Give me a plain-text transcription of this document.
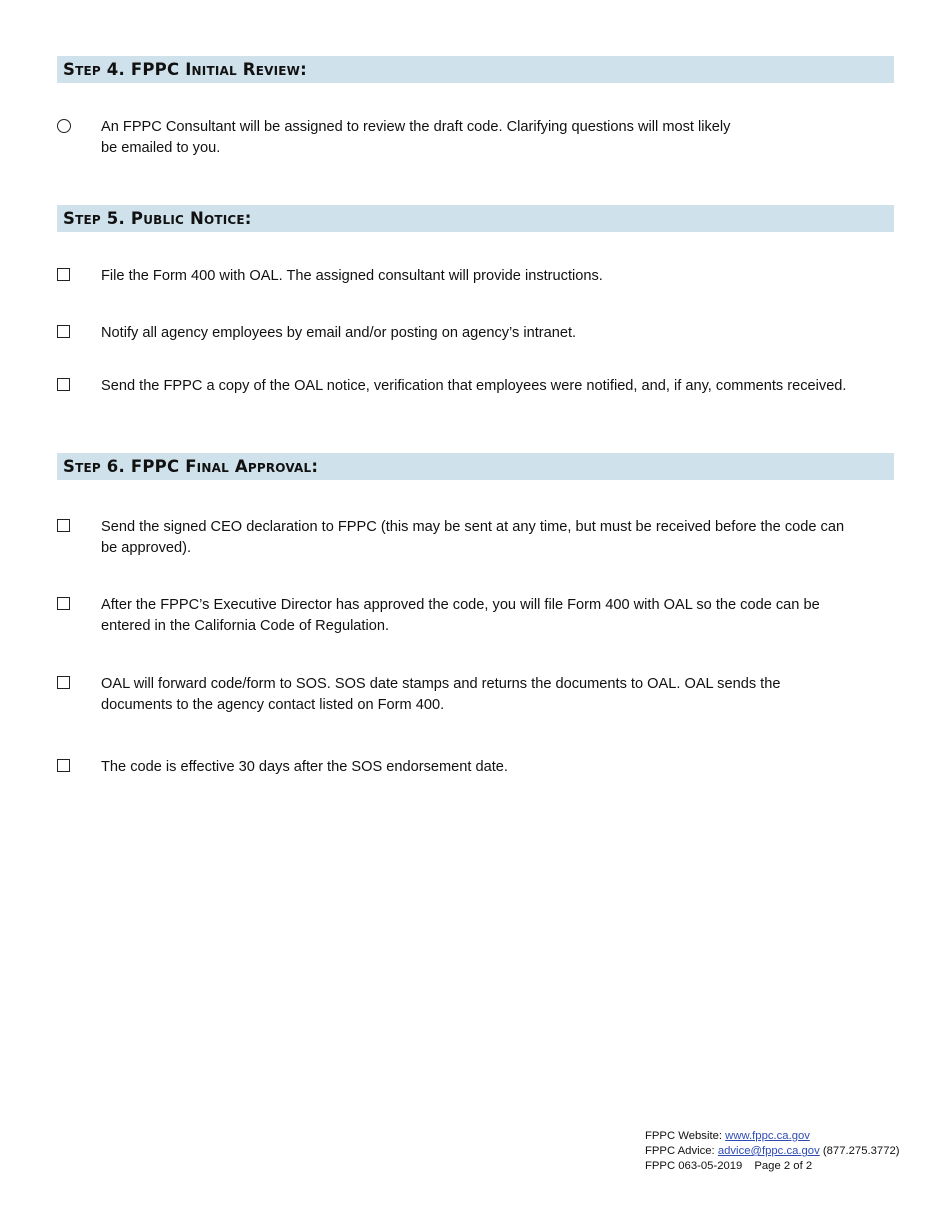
Step 4. FPPC Initial Review:
An FPPC Consultant will be assigned to review the draft code. Clarifying questions will most likely
be emailed to you.
Step 5. Public Notice:
File the Form 400 with OAL. The assigned consultant will provide instructions.
Notify all agency employees by email and/or posting on agency’s intranet.
Send the FPPC a copy of the OAL notice, verification that employees were notified, and, if any, comments received.
Step 6. FPPC Final Approval:
Send the signed CEO declaration to FPPC (this may be sent at any time, but must be received before the code can
be approved).
After the FPPC’s Executive Director has approved the code, you will file Form 400 with OAL so the code can be
entered in the California Code of Regulation.
OAL will forward code/form to SOS. SOS date stamps and returns the documents to OAL. OAL sends the
documents to the agency contact listed on Form 400.
The code is effective 30 days after the SOS endorsement date.
FPPC Website: www.fppc.ca.gov
FPPC Advice: advice@fppc.ca.gov (877.275.3772)
FPPC 063-05-2019 Page 2 of 2
